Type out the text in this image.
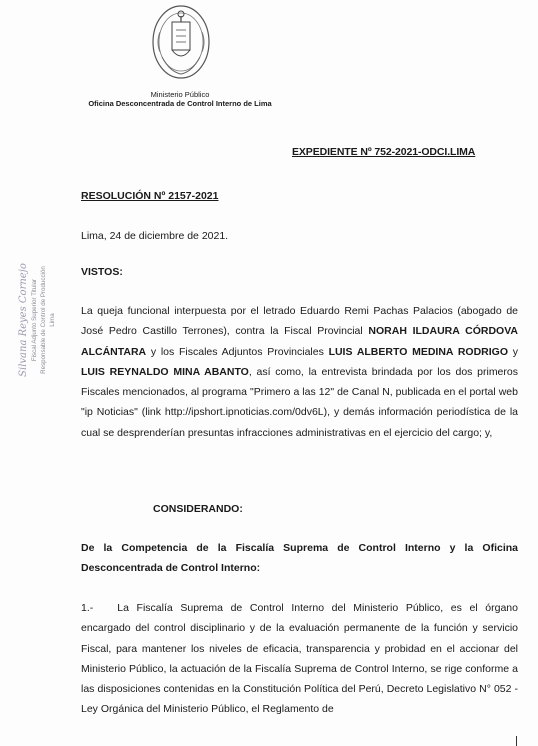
Ministerio Público
Oficina Desconcentrada de Control Interno de Lima
EXPEDIENTE Nº 752-2021-ODCI.LIMA
RESOLUCIÓN Nº 2157-2021
Lima, 24 de diciembre de 2021.
VISTOS:
La queja funcional interpuesta por el letrado Eduardo Remi Pachas Palacios (abogado de José Pedro Castillo Terrones), contra la Fiscal Provincial NORAH ILDAURA CÓRDOVA ALCÁNTARA y los Fiscales Adjuntos Provinciales LUIS ALBERTO MEDINA RODRIGO y LUIS REYNALDO MINA ABANTO, así como, la entrevista brindada por los dos primeros Fiscales mencionados, al programa "Primero a las 12" de Canal N, publicada en el portal web "ip Noticias" (link http://ipshort.ipnoticias.com/0dv6L), y demás información periodística de la cual se desprenderían presuntas infracciones administrativas en el ejercicio del cargo; y,
CONSIDERANDO:
De la Competencia de la Fiscalía Suprema de Control Interno y la Oficina Desconcentrada de Control Interno:
1.- La Fiscalía Suprema de Control Interno del Ministerio Público, es el órgano encargado del control disciplinario y de la evaluación permanente de la función y servicio Fiscal, para mantener los niveles de eficacia, transparencia y probidad en el accionar del Ministerio Público, la actuación de la Fiscalía Suprema de Control Interno, se rige conforme a las disposiciones contenidas en la Constitución Política del Perú, Decreto Legislativo N° 052 - Ley Orgánica del Ministerio Público, el Reglamento de
Silvana Reyes Cornejo Fiscal Adjunto Superior Titular Responsable de Control de Producción Lima
